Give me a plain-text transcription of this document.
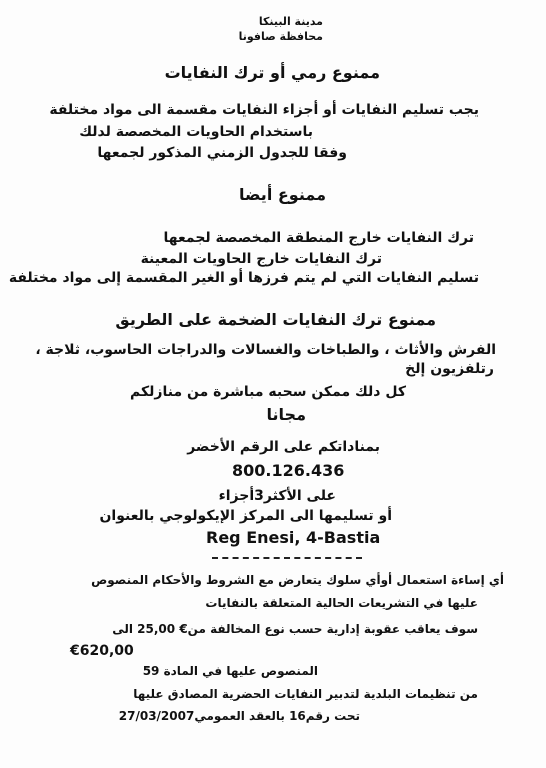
مدينة البينكا
محافظة صافونا
ممنوع رمي أو ترك النفايات
يجب تسليم النفايات أو أجزاء النفايات مقسمة الى مواد مختلفة
باستخدام الحاويات المخصصة لدلك
وفقا للجدول الزمني المذكور لجمعها
ممنوع أيضا
ترك النفايات خارج المنطقة المخصصة لجمعها
ترك النفايات خارج الحاويات المعينة
تسليم النفايات التي لم يتم فرزها أو الغير المقسمة إلى مواد مختلفة
ممنوع ترك النفايات الضخمة على الطريق
الفرش والأثاث ، والطباخات والغسالات والدراجات الحاسوب، ثلاجة ،
رتلفزيون إلخ
كل دلك ممكن سحبه مباشرة من منازلكم
مجانا
بمناداتكم على الرقم الأخضر
800.126.436
على الأكثر3أجزاء
أو تسليمها الى المركز الإيكولوجي بالعنوان
Reg Enesi, 4-Bastia
أي إساءة استعمال أوأي سلوك يتعارض مع الشروط والأحكام المنصوص
عليها في التشريعات الحالية المتعلقة بالنفايات
سوف يعاقب عقوبة إدارية حسب نوع المخالفة من€ 25,00 الى
€620,00
المنصوص عليها في المادة 59
من تنظيمات البلدية لتدبير النفايات الحضرية المصادق عليها
تحت رقم16 بالعقد العمومي27/03/2007
